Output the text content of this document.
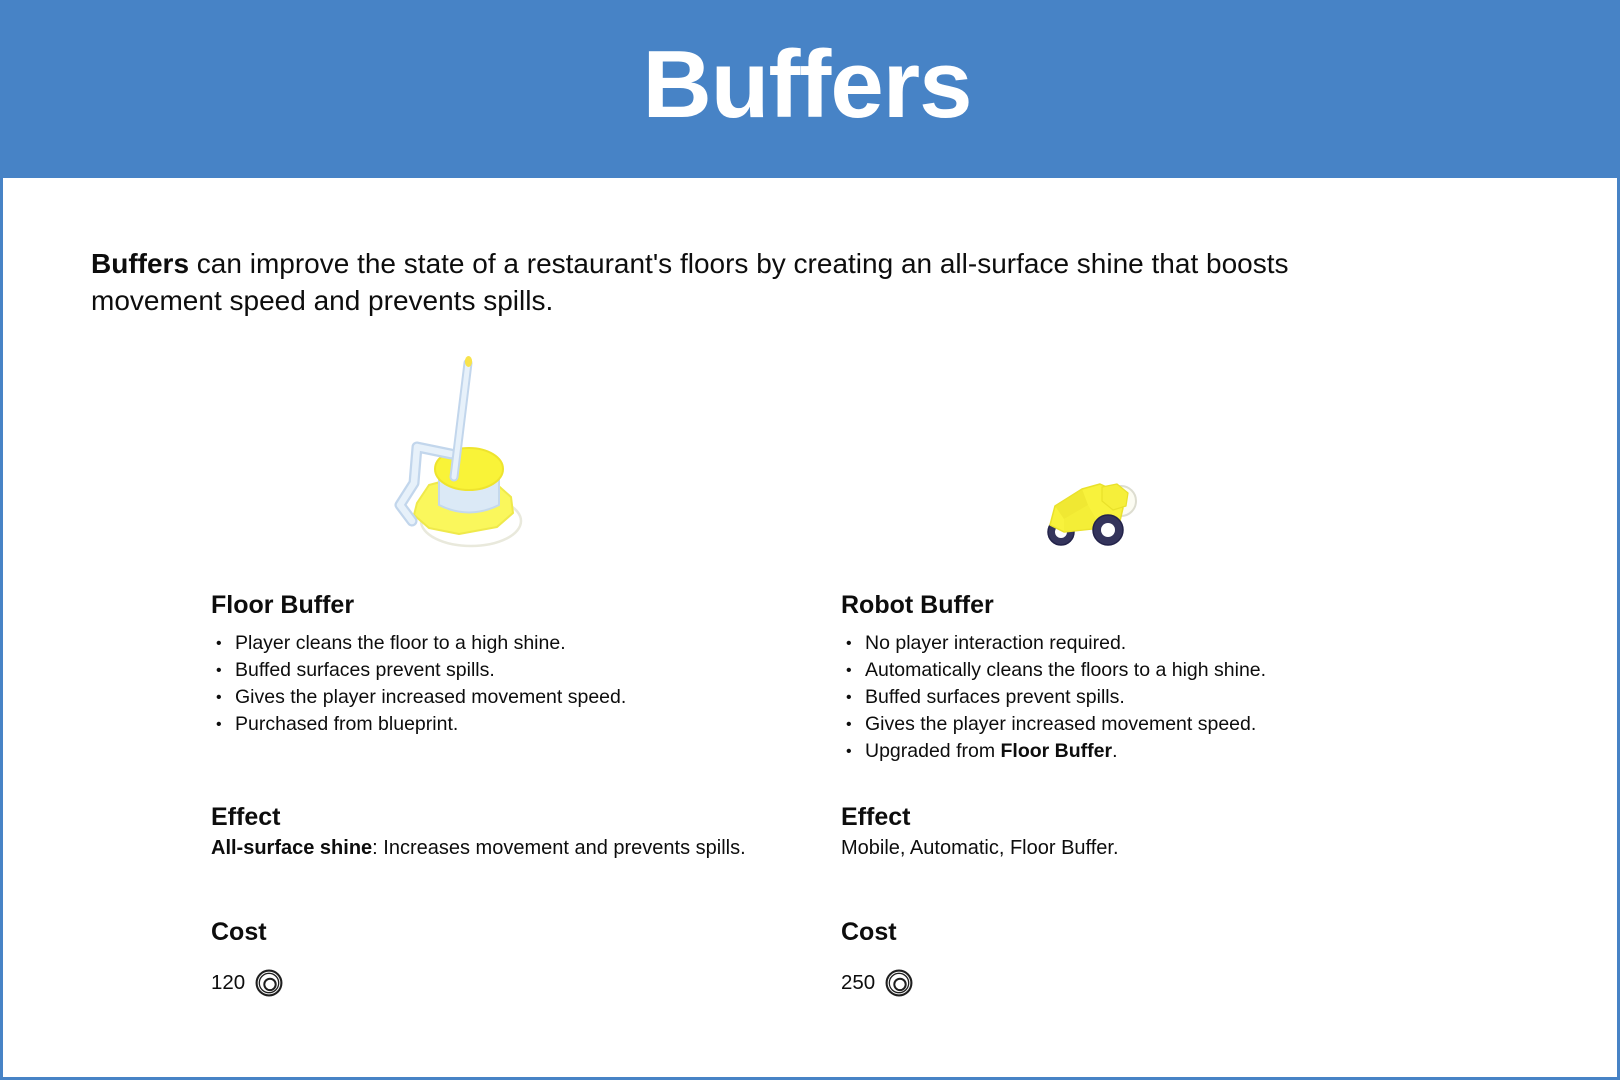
Buffers

Buffers can improve the state of a restaurant's floors by creating an all-surface shine that boosts movement speed and prevents spills.

Floor Buffer
• Player cleans the floor to a high shine.
• Buffed surfaces prevent spills.
• Gives the player increased movement speed.
• Purchased from blueprint.
Effect
All-surface shine: Increases movement and prevents spills.
Cost
120
Robot Buffer
• No player interaction required.
• Automatically cleans the floors to a high shine.
• Buffed surfaces prevent spills.
• Gives the player increased movement speed.
• Upgraded from Floor Buffer.
Effect
Mobile, Automatic, Floor Buffer.
Cost
250
